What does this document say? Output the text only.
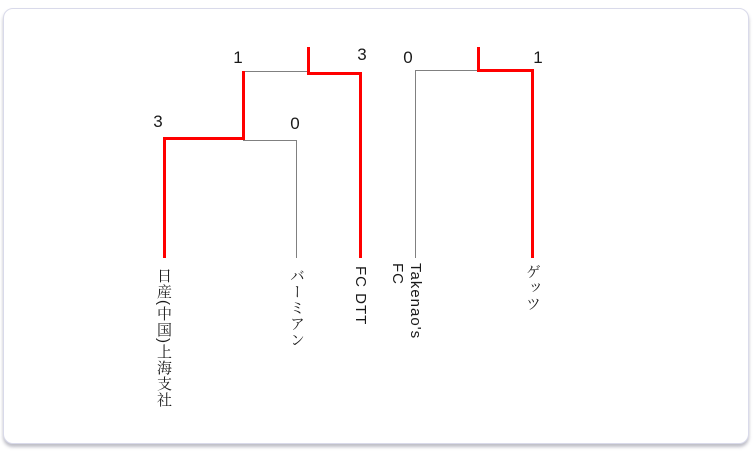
3	0
1	3 0	1
日産(中国)上海支社	バーミアン	FC DTT	Takenao's FC	ゲッツ
